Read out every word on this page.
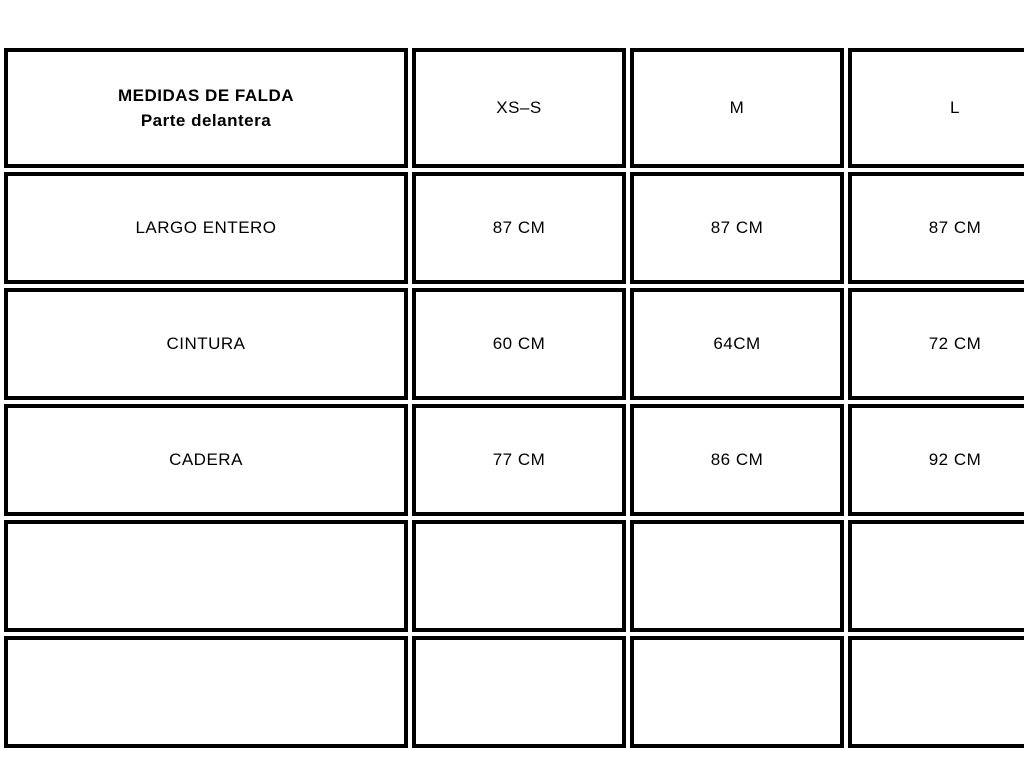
MEDIDAS DE FALDA
Parte delantera	XS–S	M	L
LARGO ENTERO	87 CM	87 CM	87 CM
CINTURA	60 CM	64CM	72 CM
CADERA	77 CM	86 CM	92 CM
